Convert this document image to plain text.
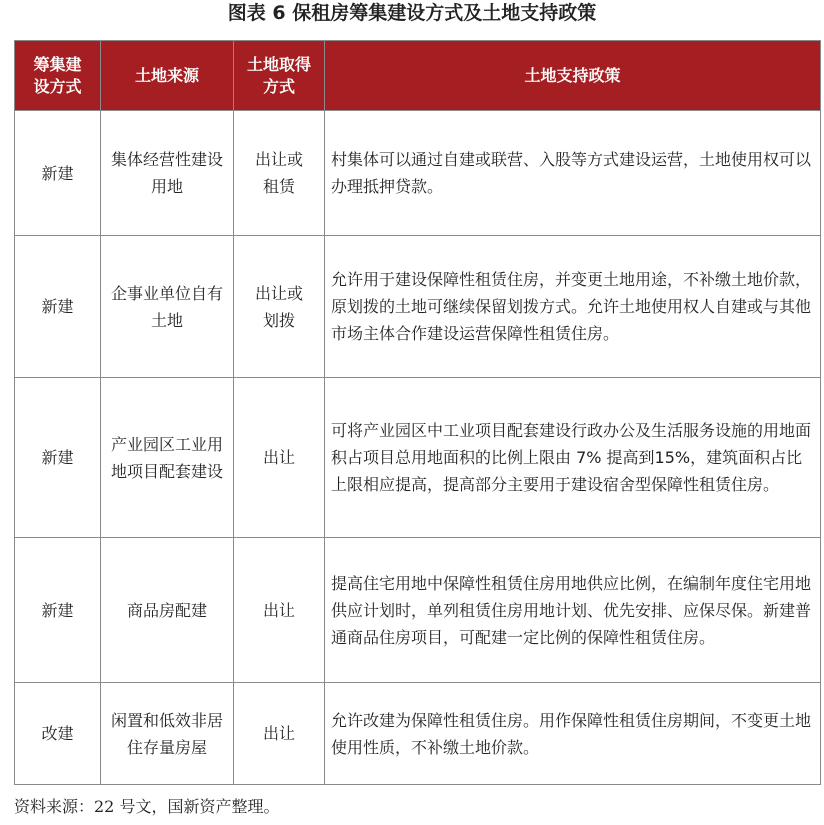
图表 6 保租房筹集建设方式及土地支持政策
筹集建设方式	土地来源	土地取得方式	土地支持政策
新建	集体经营性建设用地	出让或租赁	村集体可以通过自建或联营、入股等方式建设运营，土地使用权可以办理抵押贷款。
新建	企事业单位自有土地	出让或划拨	允许用于建设保障性租赁住房，并变更土地用途，不补缴土地价款，原划拨的土地可继续保留划拨方式。允许土地使用权人自建或与其他市场主体合作建设运营保障性租赁住房。
新建	产业园区工业用地项目配套建设	出让	可将产业园区中工业项目配套建设行政办公及生活服务设施的用地面积占项目总用地面积的比例上限由 7% 提高到15%，建筑面积占比上限相应提高，提高部分主要用于建设宿舍型保障性租赁住房。
新建	商品房配建	出让	提高住宅用地中保障性租赁住房用地供应比例，在编制年度住宅用地供应计划时，单列租赁住房用地计划、优先安排、应保尽保。新建普通商品住房项目，可配建一定比例的保障性租赁住房。
改建	闲置和低效非居住存量房屋	出让	允许改建为保障性租赁住房。用作保障性租赁住房期间，不变更土地使用性质，不补缴土地价款。
资料来源：22 号文，国新资产整理。
